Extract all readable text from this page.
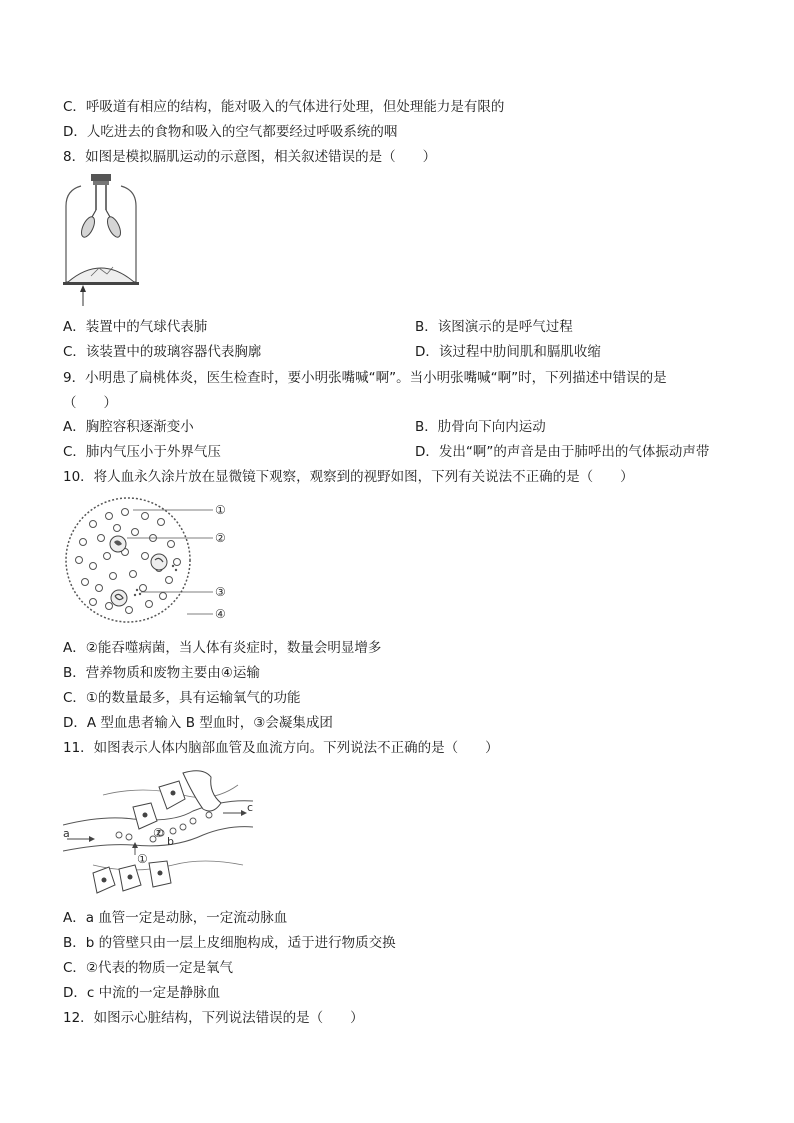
C．呼吸道有相应的结构，能对吸入的气体进行处理，但处理能力是有限的
D．人吃进去的食物和吸入的空气都要经过呼吸系统的咽
8．如图是模拟膈肌运动的示意图，相关叙述错误的是（　　）
A．装置中的气球代表肺	B．该图演示的是呼气过程
C．该装置中的玻璃容器代表胸廓	D．该过程中肋间肌和膈肌收缩
9．小明患了扁桃体炎，医生检查时，要小明张嘴喊“啊”。当小明张嘴喊“啊”时，下列描述中错误的是
（　　）
A．胸腔容积逐渐变小	B．肋骨向下向内运动
C．肺内气压小于外界气压	D．发出“啊”的声音是由于肺呼出的气体振动声带
10．将人血永久涂片放在显微镜下观察，观察到的视野如图，下列有关说法不正确的是（　　）
①
②
③
④
A．②能吞噬病菌，当人体有炎症时，数量会明显增多
B．营养物质和废物主要由④运输
C．①的数量最多，具有运输氧气的功能
D．A 型血患者输入 B 型血时，③会凝集成团
11．如图表示人体内脑部血管及血流方向。下列说法不正确的是（　　）
a
b
c
①
②
A．a 血管一定是动脉，一定流动脉血
B．b 的管壁只由一层上皮细胞构成，适于进行物质交换
C．②代表的物质一定是氧气
D．c 中流的一定是静脉血
12．如图示心脏结构，下列说法错误的是（　　）
